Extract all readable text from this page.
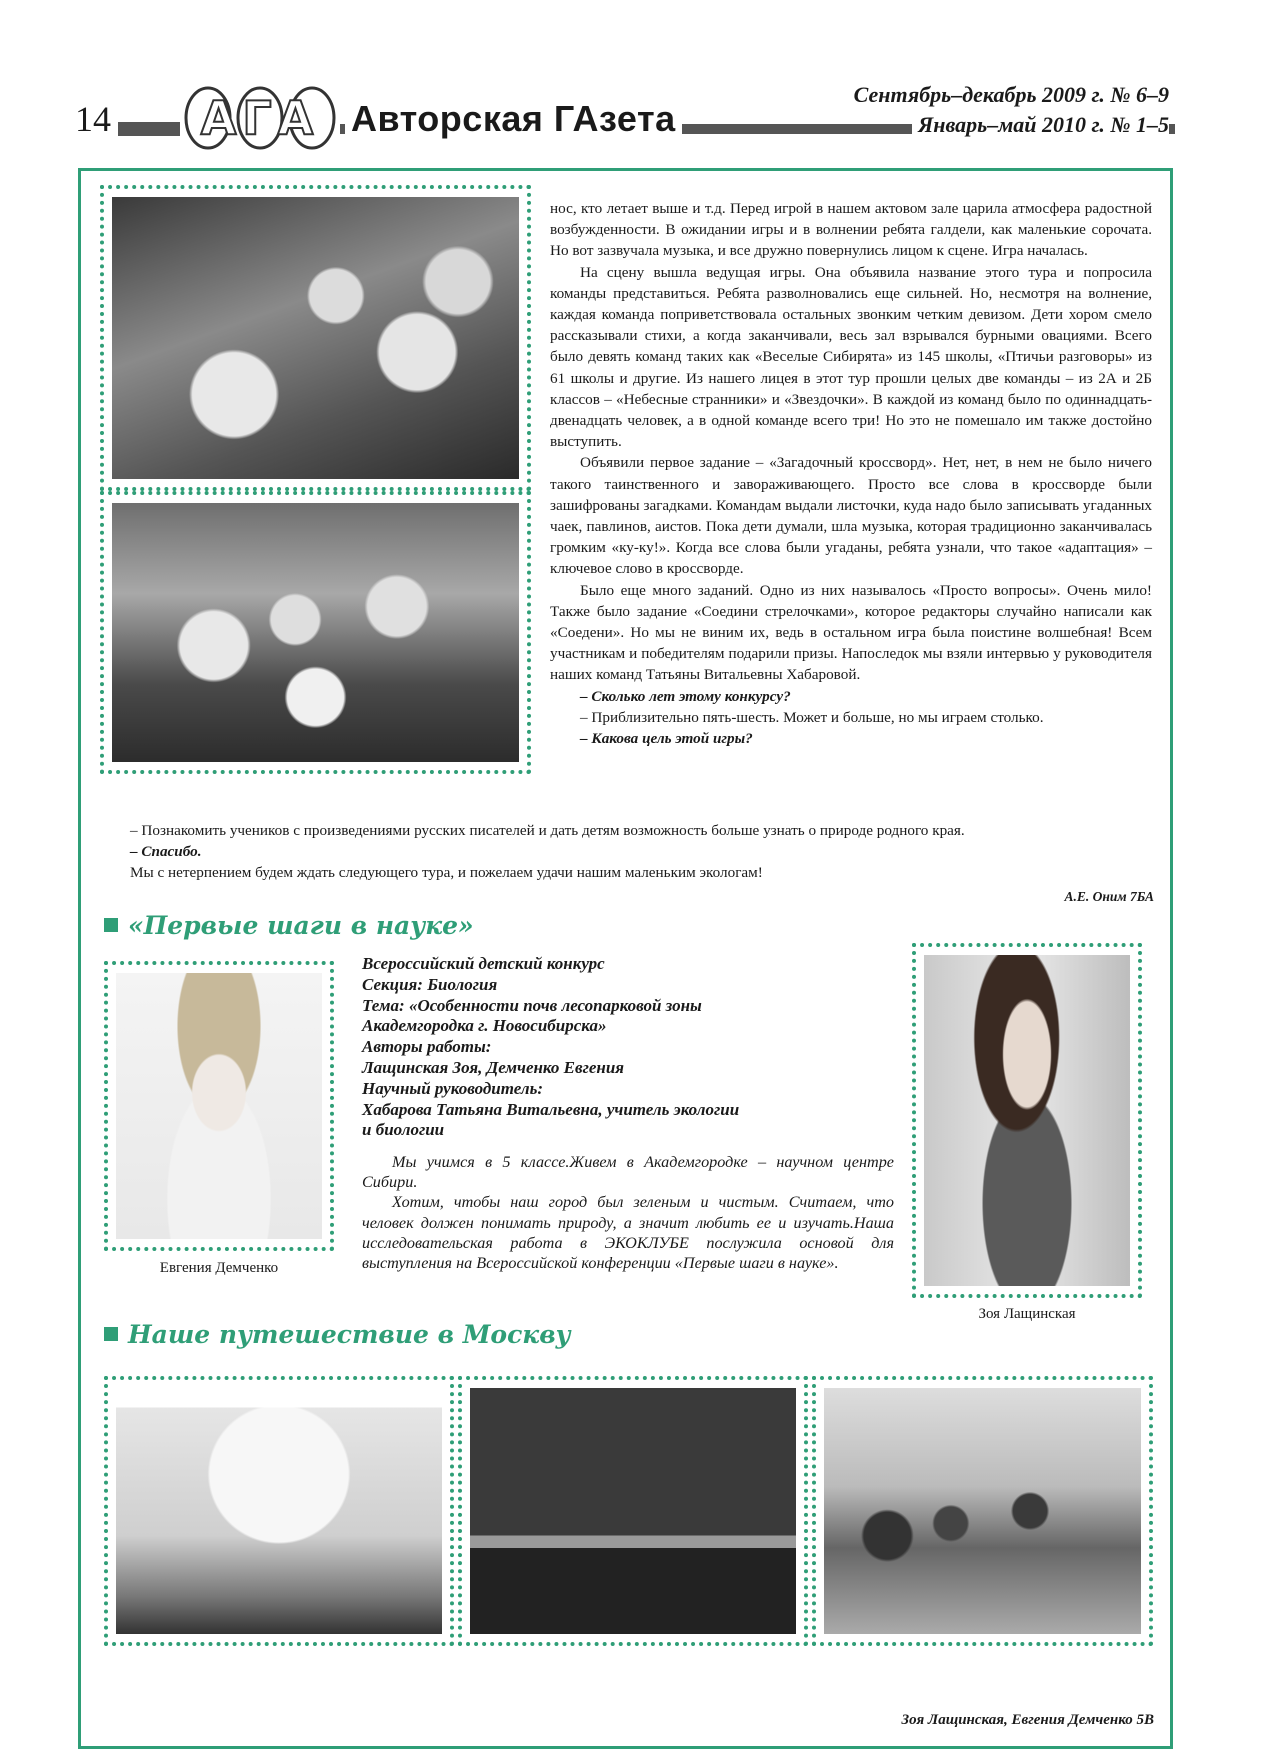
14 АГА Авторская ГАзета
Сентябрь–декабрь 2009 г. № 6–9
Январь–май 2010 г. № 1–5

нос, кто летает выше и т.д. Перед игрой в нашем актовом зале царила атмосфера радостной возбужденности. В ожидании игры и в волнении ребята галдели, как маленькие сорочата. Но вот зазвучала музыка, и все дружно повернулись лицом к сцене. Игра началась.

На сцену вышла ведущая игры. Она объявила название этого тура и попросила команды представиться. Ребята разволновались еще сильней. Но, несмотря на волнение, каждая команда поприветствовала остальных звонким четким девизом. Дети хором смело рассказывали стихи, а когда заканчивали, весь зал взрывался бурными овациями. Всего было девять команд таких как «Веселые Сибирята» из 145 школы, «Птичьи разговоры» из 61 школы и другие. Из нашего лицея в этот тур прошли целых две команды – из 2А и 2Б классов – «Небесные странники» и «Звездочки». В каждой из команд было по одиннадцать-двенадцать человек, а в одной команде всего три! Но это не помешало им также достойно выступить.

Объявили первое задание – «Загадочный кроссворд». Нет, нет, в нем не было ничего такого таинственного и завораживающего. Просто все слова в кроссворде были зашифрованы загадками. Командам выдали листочки, куда надо было записывать угаданных чаек, павлинов, аистов. Пока дети думали, шла музыка, которая традиционно заканчивалась громким «ку-ку!». Когда все слова были угаданы, ребята узнали, что такое «адаптация» – ключевое слово в кроссворде.

Было еще много заданий. Одно из них называлось «Просто вопросы». Очень мило! Также было задание «Соедини стрелочками», которое редакторы случайно написали как «Соедени». Но мы не виним их, ведь в остальном игра была поистине волшебная! Всем участникам и победителям подарили призы. Напоследок мы взяли интервью у руководителя наших команд Татьяны Витальевны Хабаровой.

– Сколько лет этому конкурсу?

– Приблизительно пять-шесть. Может и больше, но мы играем столько.

– Какова цель этой игры?

– Познакомить учеников с произведениями русских писателей и дать детям возможность больше узнать о природе родного края.

– Спасибо.

Мы с нетерпением будем ждать следующего тура, и пожелаем удачи нашим маленьким экологам!

А.Е. Оним 7БА
«Первые шаги в науке»
Всероссийский детский конкурс
Секция: Биология
Тема: «Особенности почв лесопарковой зоны
Академгородка г. Новосибирска»
Авторы работы:
Лащинская Зоя, Демченко Евгения
Научный руководитель:
Хабарова Татьяна Витальевна, учитель экологии
и биологии

Мы учимся в 5 классе.Живем в Академгородке – научном центре Сибири.

Хотим, чтобы наш город был зеленым и чистым. Считаем, что человек должен понимать природу, а значит любить ее и изучать.Наша исследовательская работа в ЭКОКЛУБЕ послужила основой для выступления на Всероссийской конференции «Первые шаги в науке».

Евгения Демченко
Зоя Лащинская
Наше путешествие в Москву
Зоя Лащинская, Евгения Демченко 5В
